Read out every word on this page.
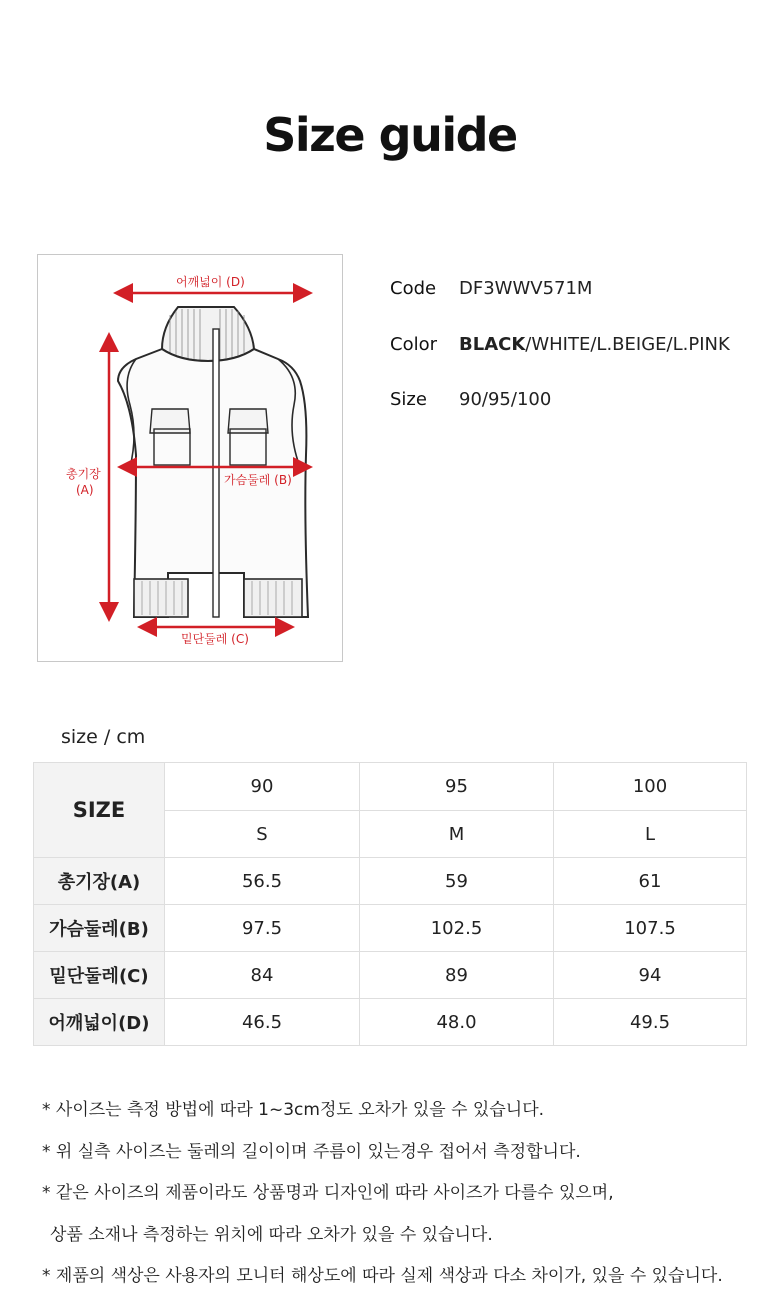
Size guide
어깨넓이 (D)
총기장
(A)
가슴둘레 (B)
밑단둘레 (C)
Code DF3WWV571M
Color BLACK/WHITE/L.BEIGE/L.PINK
Size 90/95/100
size / cm
SIZE	90	95	100
	S	M	L
총기장(A)	56.5	59	61
가슴둘레(B)	97.5	102.5	107.5
밑단둘레(C)	84	89	94
어깨넓이(D)	46.5	48.0	49.5
* 사이즈는 측정 방법에 따라 1~3cm정도 오차가 있을 수 있습니다.
* 위 실측 사이즈는 둘레의 길이이며 주름이 있는경우 접어서 측정합니다.
* 같은 사이즈의 제품이라도 상품명과 디자인에 따라 사이즈가 다를수 있으며,
상품 소재나 측정하는 위치에 따라 오차가 있을 수 있습니다.
* 제품의 색상은 사용자의 모니터 해상도에 따라 실제 색상과 다소 차이가, 있을 수 있습니다.
